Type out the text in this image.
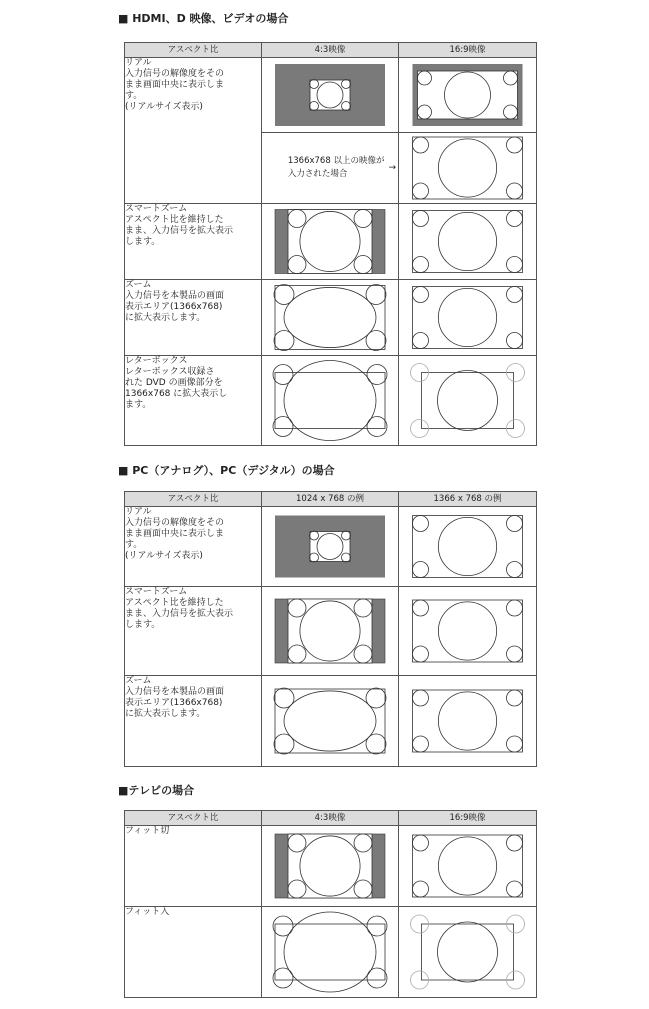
■ HDMI、D 映像、ビデオの場合
アスペクト比	4:3映像	16:9映像

リアル
入力信号の解像度をその
まま画面中央に表示しま
す。
(リアルサイズ表示)

	1366x768 以上の映像が
入力された場合
→

スマートズーム
アスペクト比を維持した
まま、入力信号を拡大表示
します。

ズーム
入力信号を本製品の画面
表示エリア(1366x768)
に拡大表示します。

レターボックス
レターボックス収録さ
れた DVD の画像部分を
1366x768 に拡大表示し
ます。

■ PC（アナログ）、PC（デジタル）の場合
アスペクト比	1024 x 768 の例	1366 x 768 の例

リアル
入力信号の解像度をその
まま画面中央に表示しま
す。
(リアルサイズ表示)

スマートズーム
アスペクト比を維持した
まま、入力信号を拡大表示
します。

ズーム
入力信号を本製品の画面
表示エリア(1366x768)
に拡大表示します。

■テレビの場合
アスペクト比	4:3映像	16:9映像

フィット切

フィット入
